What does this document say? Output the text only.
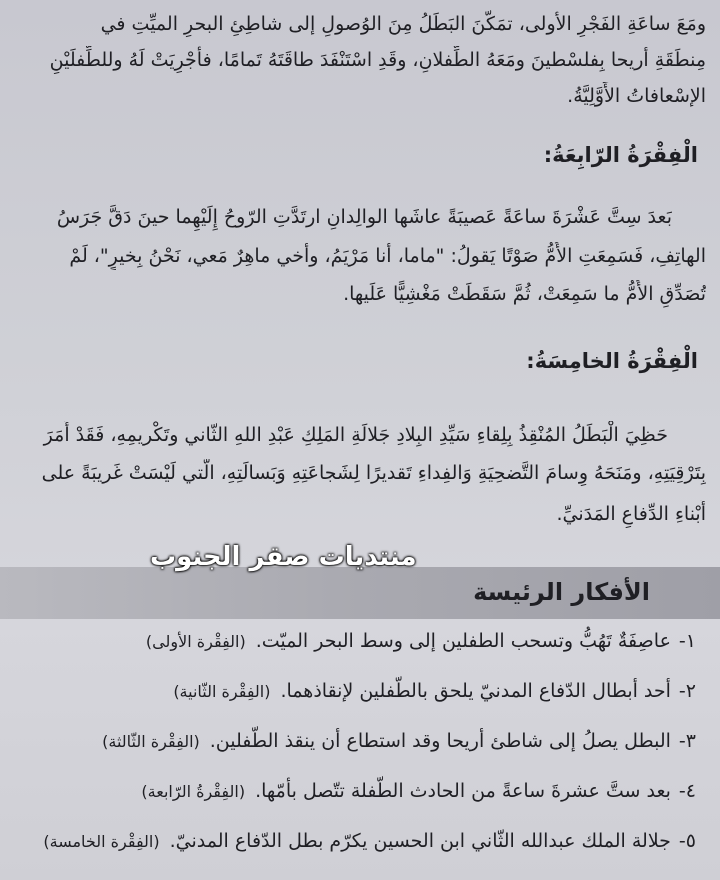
ومَعَ ساعَةِ الفَجْرِ الأولى، تمَكَّنَ البَطَلُ مِنَ الوُصولِ إلى شاطِئِ البحرِ الميِّتِ في
مِنطَقَةِ أريحا بِفلسْطينَ ومَعَهُ الطِّفلانِ، وقَدِ اسْتَنْفَدَ طاقَتَهُ تَمامًا، فأُجْرِيَتْ لَهُ وللطِّفلَيْنِ
الإسْعافاتُ الأَوَّلِيَّةُ.
الْفِقْرَةُ الرّابِعَةُ:
بَعدَ سِتَّ عَشْرَةَ ساعَةً عَصيبَةً عاشَها الوالِدانِ ارتَدَّتِ الرّوحُ إِلَيْهِما حينَ دَقَّ جَرَسُ
الهاتِفِ، فَسَمِعَتِ الأُمُّ صَوْتًا يَقولُ: "ماما، أنا مَرْيَمُ، وأخي ماهِرٌ مَعي، نَحْنُ بِخيرٍ"، لَمْ
تُصَدِّقِ الأُمُّ ما سَمِعَتْ، ثُمَّ سَقَطَتْ مَغْشِيًّا عَلَيها.
الْفِقْرَةُ الخامِسَةُ:
حَظِيَ الْبَطَلُ المُنْقِذُ بِلِقاءِ سَيِّدِ البِلادِ جَلالَةِ المَلِكِ عَبْدِ اللهِ الثّاني وتَكْريمِهِ، فَقَدْ أَمَرَ
بِتَرْقِيَتِهِ، ومَنَحَهُ وِسامَ التَّضحِيَةِ وَالفِداءِ تَقديرًا لِشَجاعَتِهِ وَبَسالَتِهِ، الَّتي لَيْسَتْ غَريبَةً على
أَبْناءِ الدِّفاعِ المَدَنيِّ.
منتديات صقر الجنوب
الأفكار الرئيسة
١-عاصِفَةٌ تَهُبُّ وتسحب الطفلين إلى وسط البحر الميّت.(الفِقْرة الأولى)
٢-أحد أبطال الدّفاع المدنيّ يلحق بالطّفلين لإنقاذهما.(الفِقْرة الثّانية)
٣-البطل يصلُ إلى شاطئ أريحا وقد استطاع أن ينقذ الطّفلين.(الفِقْرة الثّالثة)
٤-بعد ستَّ عشرةَ ساعةً من الحادث الطّفلة تتّصل بأمّها.(الفِقْرةُ الرّابعة)
٥-جلالة الملك عبدالله الثّاني ابن الحسين يكرّم بطل الدّفاع المدنيّ.(الفِقْرة الخامسة)
